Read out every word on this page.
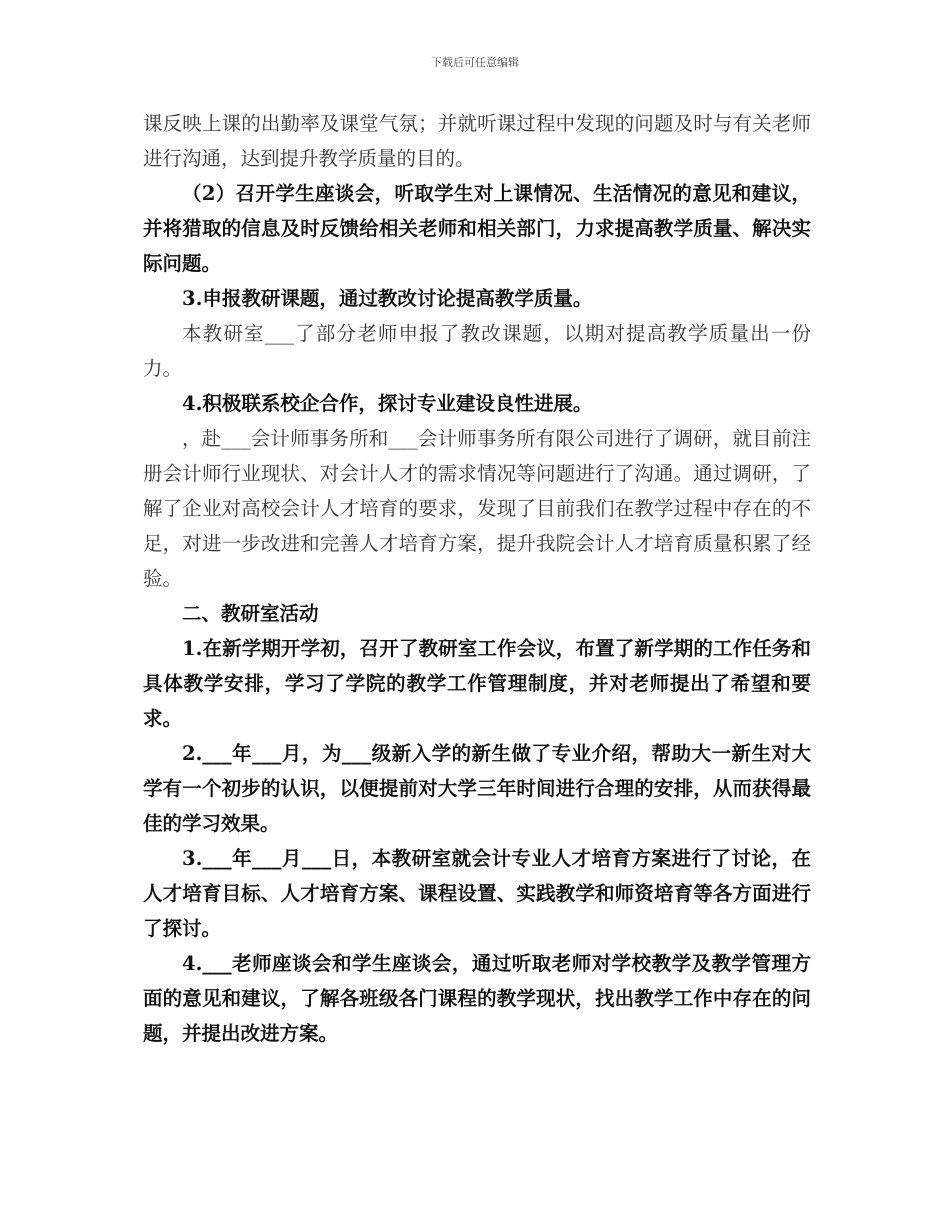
下载后可任意编辑

课反映上课的出勤率及课堂气氛；并就听课过程中发现的问题及时与有关老师进行沟通，达到提升教学质量的目的。

（2）召开学生座谈会，听取学生对上课情况、生活情况的意见和建议，并将猎取的信息及时反馈给相关老师和相关部门，力求提高教学质量、解决实际问题。

3.申报教研课题，通过教改讨论提高教学质量。

本教研室___了部分老师申报了教改课题，以期对提高教学质量出一份力。

4.积极联系校企合作，探讨专业建设良性进展。

，赴___会计师事务所和___会计师事务所有限公司进行了调研，就目前注册会计师行业现状、对会计人才的需求情况等问题进行了沟通。通过调研，了解了企业对高校会计人才培育的要求，发现了目前我们在教学过程中存在的不足，对进一步改进和完善人才培育方案，提升我院会计人才培育质量积累了经验。

二、教研室活动

1.在新学期开学初，召开了教研室工作会议，布置了新学期的工作任务和具体教学安排，学习了学院的教学工作管理制度，并对老师提出了希望和要求。

2.___年___月，为___级新入学的新生做了专业介绍，帮助大一新生对大学有一个初步的认识，以便提前对大学三年时间进行合理的安排，从而获得最佳的学习效果。

3.___年___月___日，本教研室就会计专业人才培育方案进行了讨论，在人才培育目标、人才培育方案、课程设置、实践教学和师资培育等各方面进行了探讨。

4.___老师座谈会和学生座谈会，通过听取老师对学校教学及教学管理方面的意见和建议，了解各班级各门课程的教学现状，找出教学工作中存在的问题，并提出改进方案。
